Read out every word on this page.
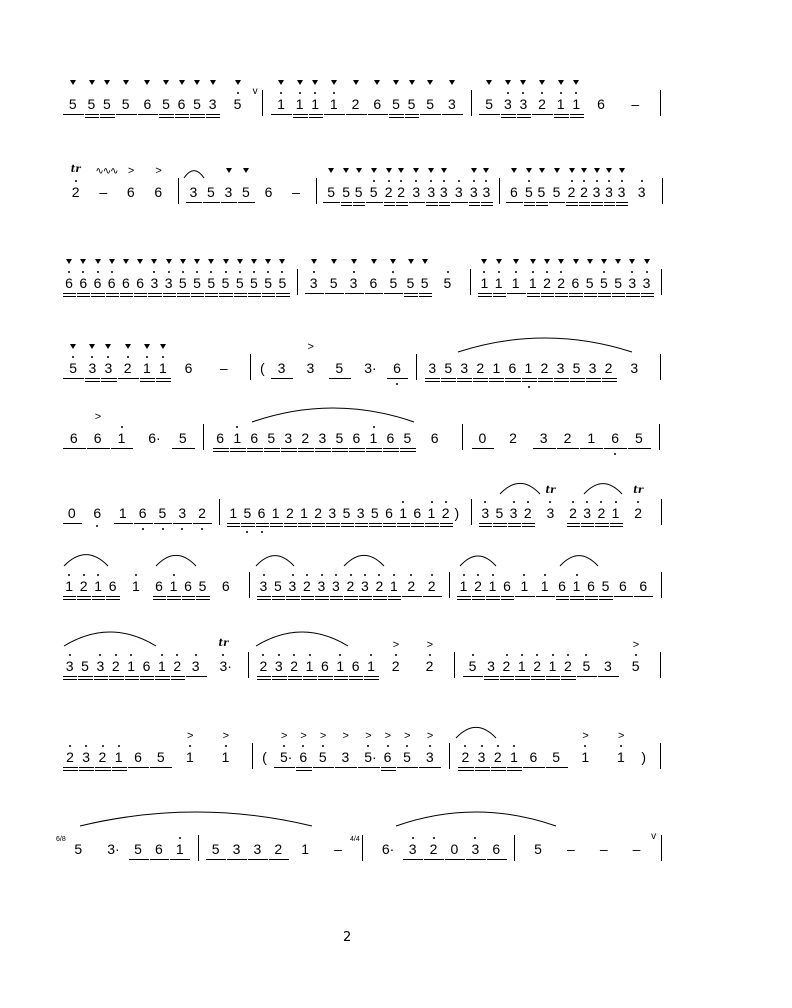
5 5 5 5 6 5 6 5 3 5
v
1 1 1 1 2 6 5 5 5 3 5 3 3 2 1 1 6 –
2
tr
–
∿∿∿
6
>
6
>
3 5 3 5 6 – 5 5 5 5 2 2 3 3 3 3 3 3 6 5 5 5 2 2 3 3 3 3
6 6 6 6 6 6 3 3 5 5 5 5 5 5 5 5 3 5 3 6 5 5 5 5 1 1 1 1 2 2 6 5 5 5 3 3
5 3 3 2 1 1 6 – ( 3 3
>
5 3· 6 3 5 3 2 1 6 1 2 3 5 3 2 3
6 6
>
1 6· 5 6 1 6 5 3 2 3 5 6 1 6 5 6	0 2 3 2 1 6 5
0 6 1 6 5 3 2 1 5 6 1 2 1 2 3 5 3 5 6 1 6 1 2 ) 3 5 3 2 3
tr
2 3 2 1 2
tr
1 2 1 6 1 6 1 6 5 6 3 5 3 2 3 3 2 3 2 1 2 2 1 2 1 6 1 1 6 1 6 5 6 6
3 5 3 2 1 6 1 2 3 3·
tr
2 3 2 1 6 1 6 1 2
>
2
>
5 3 2 1 2 1 2 5 3 5
>
2 3 2 1 6 5 1
>
1
>
( 5·
>
6
>
5
>
3
>
5·
>
6
>
5
>
3
>
2 3 2 1 6 5 1
>
1
>
)
5 3· 5 6 1 5 3 3 2 1 –	6· 3 2 0 3 6 5 – – –
v
6/8	4/4
2
